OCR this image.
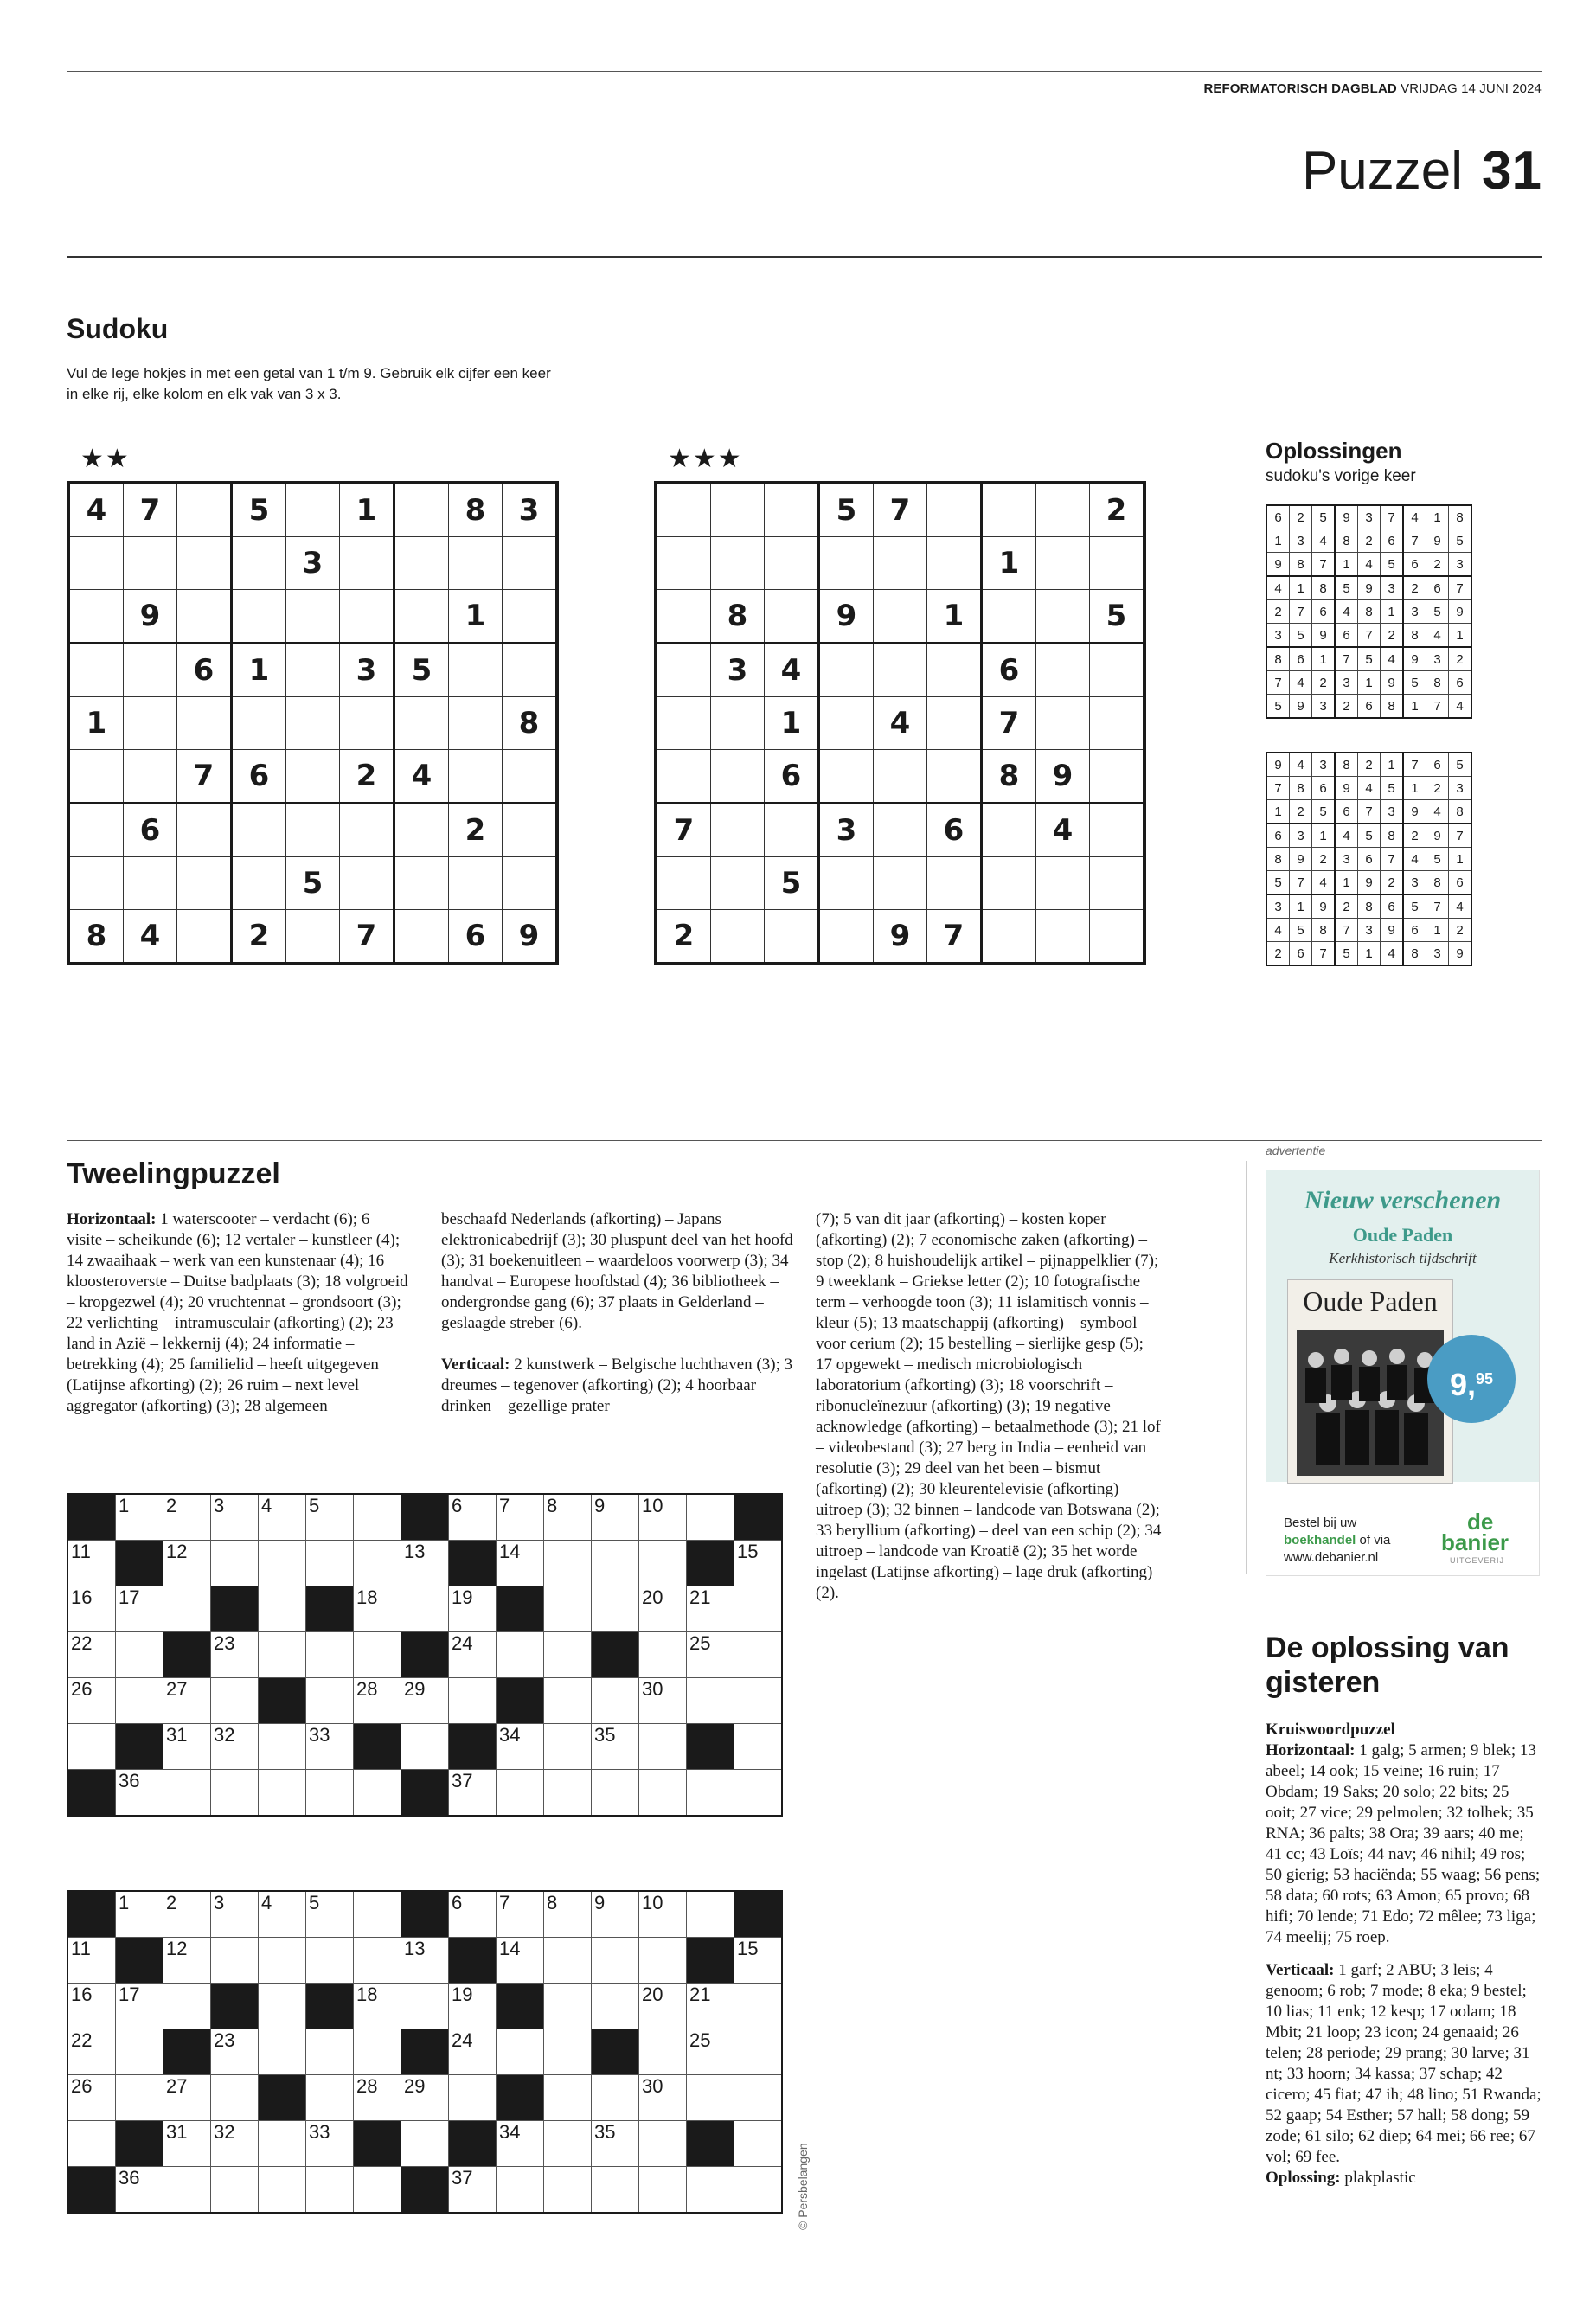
REFORMATORISCH DAGBLAD VRIJDAG 14 JUNI 2024
Puzzel 31
Sudoku
Vul de lege hokjes in met een getal van 1 t/m 9. Gebruik elk cijfer een keer in elke rij, elke kolom en elk vak van 3 x 3.
★★
4	7		5		1		8	3
				3				
	9						1	
		6	1		3	5		
1								8
		7	6		2	4		
	6						2	
				5				
8	4		2		7		6	9
★★★
			5	7				2
						1		
	8		9		1			5
	3	4				6		
		1		4		7		
		6				8	9	
7			3		6		4	
		5						
2				9	7			
Oplossingen
sudoku's vorige keer
6	2	5	9	3	7	4	1	8
1	3	4	8	2	6	7	9	5
9	8	7	1	4	5	6	2	3
4	1	8	5	9	3	2	6	7
2	7	6	4	8	1	3	5	9
3	5	9	6	7	2	8	4	1
8	6	1	7	5	4	9	3	2
7	4	2	3	1	9	5	8	6
5	9	3	2	6	8	1	7	4
9	4	3	8	2	1	7	6	5
7	8	6	9	4	5	1	2	3
1	2	5	6	7	3	9	4	8
6	3	1	4	5	8	2	9	7
8	9	2	3	6	7	4	5	1
5	7	4	1	9	2	3	8	6
3	1	9	2	8	6	5	7	4
4	5	8	7	3	9	6	1	2
2	6	7	5	1	4	8	3	9
Tweelingpuzzel
Horizontaal: 1 waterscooter – verdacht (6); 6 visite – scheikunde (6); 12 vertaler – kunstleer (4); 14 zwaaihaak – werk van een kunstenaar (4); 16 kloosteroverste – Duitse badplaats (3); 18 volgroeid – kropgezwel (4); 20 vruchtennat – grondsoort (3); 22 verlichting – intramusculair (afkorting) (2); 23 land in Azië – lekkernij (4); 24 informatie – betrekking (4); 25 familielid – heeft uitgegeven (Latijnse afkorting) (2); 26 ruim – next level aggregator (afkorting) (3); 28 algemeen
beschaafd Nederlands (afkorting) – Japans elektronicabedrijf (3); 30 pluspunt deel van het hoofd (3); 31 boekenuitleen – waardeloos voorwerp (3); 34 handvat – Europese hoofdstad (4); 36 bibliotheek – ondergrondse gang (6); 37 plaats in Gelderland – geslaagde streber (6).
Verticaal: 2 kunstwerk – Belgische luchthaven (3); 3 dreumes – tegenover (afkorting) (2); 4 hoorbaar drinken – gezellige prater
(7); 5 van dit jaar (afkorting) – kosten koper (afkorting) (2); 7 economische zaken (afkorting) – stop (2); 8 huishoudelijk artikel – pijnappelklier (7); 9 tweeklank – Griekse letter (2); 10 fotografische term – verhoogde toon (3); 11 islamitisch vonnis – kleur (5); 13 maatschappij (afkorting) – symbool voor cerium (2); 15 bestelling – sierlijke gesp (5); 17 opgewekt – medisch microbiologisch laboratorium (afkorting) (3); 18 voorschrift – ribonucleïnezuur (afkorting) (3); 19 negative acknowledge (afkorting) – betaalmethode (3); 21 lof – videobestand (3); 27 berg in India – eenheid van resolutie (3); 29 deel van het been – bismut (afkorting) (2); 30 kleurentelevisie (afkorting) – uitroep (3); 32 binnen – landcode van Botswana (2); 33 beryllium (afkorting) – deel van een schip (2); 34 uitroep – landcode van Kroatië (2); 35 het worde ingelast (Latijnse afkorting) – lage druk (afkorting) (2).

	1	2	3	4	5			6	7	8	9	10		

11		12					13		14					15

16	17					18		19				20	21	

22			23					24					25	

26		27				28	29					30		

		31	32		33				34		35			

	36							37						

	1	2	3	4	5			6	7	8	9	10		

11		12					13		14					15

16	17					18		19				20	21	

22			23					24					25	

26		27				28	29					30		

		31	32		33				34		35			

	36							37						
							© Persbelangen
advertentie
Nieuw verschenen
Oude Paden
Kerkhistorisch tijdschrift
Oude Paden
9,95
Bestel bij uw
boekhandel of via
www.debanier.nl
de
banier
UITGEVERIJ
De oplossing van gisteren
Kruiswoordpuzzel

Horizontaal: 1 galg; 5 armen; 9 blek; 13 abeel; 14 ook; 15 veine; 16 ruin; 17 Obdam; 19 Saks; 20 solo; 22 bits; 25 ooit; 27 vice; 29 pelmolen; 32 tolhek; 35 RNA; 36 palts; 38 Ora; 39 aars; 40 me; 41 cc; 43 Loïs; 44 nav; 46 nihil; 49 ros; 50 gierig; 53 haciënda; 55 waag; 56 pens; 58 data; 60 rots; 63 Amon; 65 provo; 68 hifi; 70 lende; 71 Edo; 72 mêlee; 73 liga; 74 meelij; 75 roep.

Verticaal: 1 garf; 2 ABU; 3 leis; 4 genoom; 6 rob; 7 mode; 8 eka; 9 bestel; 10 lias; 11 enk; 12 kesp; 17 oolam; 18 Mbit; 21 loop; 23 icon; 24 genaaid; 26 telen; 28 periode; 29 prang; 30 larve; 31 nt; 33 hoorn; 34 kassa; 37 schap; 42 cicero; 45 fiat; 47 ih; 48 lino; 51 Rwanda; 52 gaap; 54 Esther; 57 hall; 58 dong; 59 zode; 61 silo; 62 diep; 64 mei; 66 ree; 67 vol; 69 fee.
Oplossing: plakplastic
